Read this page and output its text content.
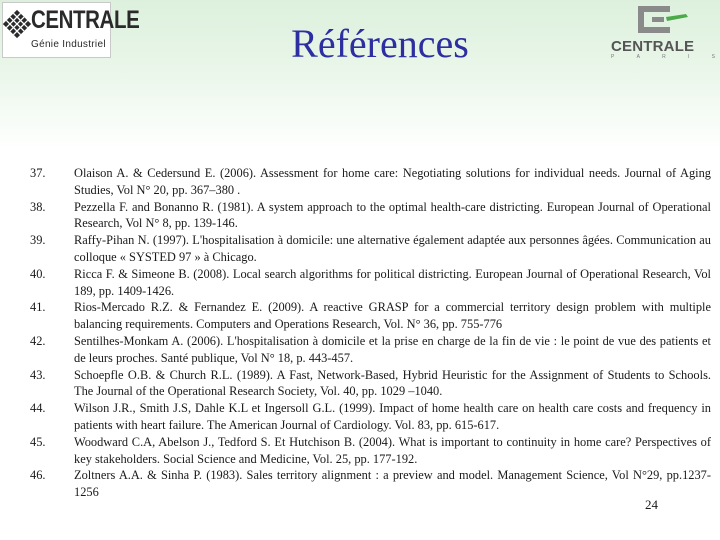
CENTRALE
Génie Industriel	CENTRALE
P	A	R	I	S
Références
37.	Olaison A. & Cedersund E. (2006). Assessment for home care: Negotiating solutions for individual needs. Journal of Aging Studies, Vol N° 20, pp. 367–380 .
38.	Pezzella F. and Bonanno R. (1981). A system approach to the optimal health-care districting. European Journal of Operational Research, Vol N° 8, pp. 139-146.
39.	Raffy-Pihan N. (1997). L'hospitalisation à domicile: une alternative également adaptée aux personnes âgées. Communication au colloque « SYSTED 97 » à Chicago.
40.	Ricca F. & Simeone B. (2008). Local search algorithms for political districting. European Journal of Operational Research, Vol 189, pp. 1409-1426.
41.	Rios-Mercado R.Z. & Fernandez E. (2009). A reactive GRASP for a commercial territory design problem with multiple balancing requirements. Computers and Operations Research, Vol. N° 36, pp. 755-776
42.	Sentilhes-Monkam A. (2006). L'hospitalisation à domicile et la prise en charge de la fin de vie : le point de vue des patients et de leurs proches. Santé publique, Vol N° 18, p. 443-457.
43.	Schoepfle O.B. & Church R.L. (1989). A Fast, Network-Based, Hybrid Heuristic for the Assignment of Students to Schools. The Journal of the Operational Research Society, Vol. 40, pp. 1029 –1040.
44.	Wilson J.R., Smith J.S, Dahle K.L et Ingersoll G.L. (1999). Impact of home health care on health care costs and frequency in patients with heart failure. The American Journal of Cardiology. Vol. 83, pp. 615-617.
45.	Woodward C.A, Abelson J., Tedford S. Et Hutchison B. (2004). What is important to continuity in home care? Perspectives of key stakeholders. Social Science and Medicine, Vol. 25, pp. 177-192.
46.	Zoltners A.A. & Sinha P. (1983). Sales territory alignment : a preview and model. Management Science, Vol N°29, pp.1237-1256
24
